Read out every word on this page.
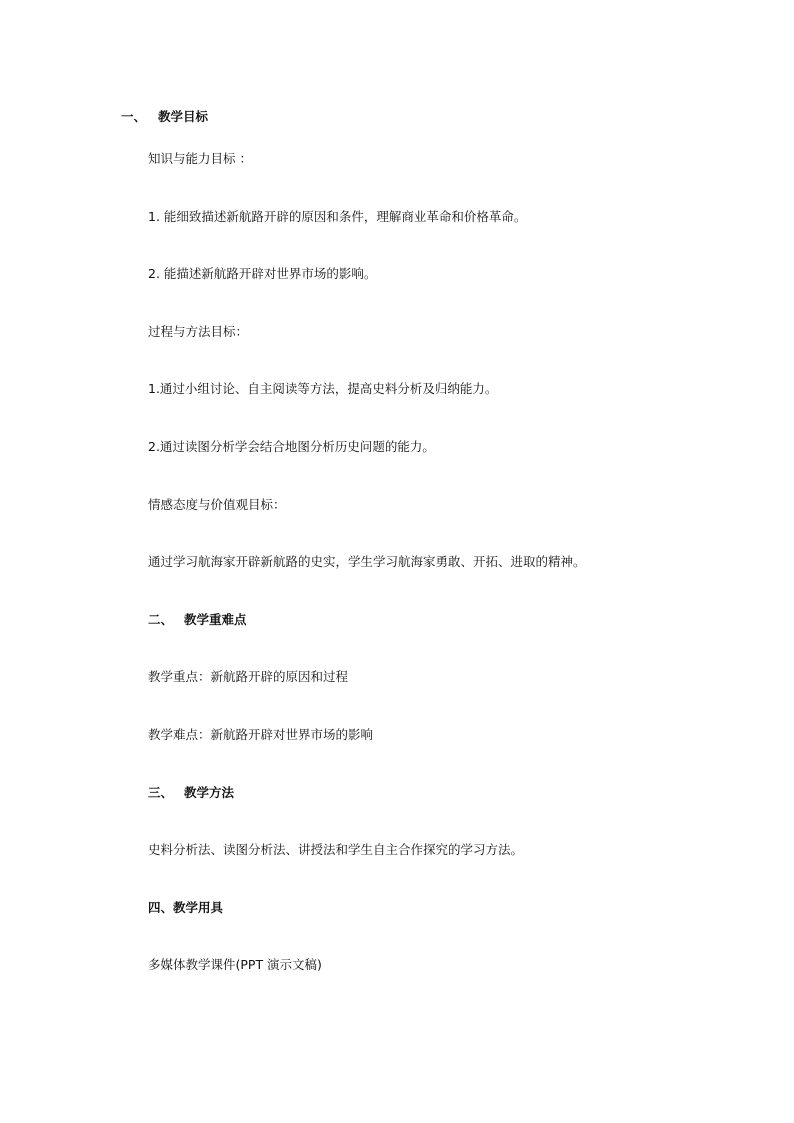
一、 教学目标
知识与能力目标 ：
1. 能细致描述新航路开辟的原因和条件，理解商业革命和价格革命。
2. 能描述新航路开辟对世界市场的影响。
过程与方法目标：
1.通过小组讨论、自主阅读等方法，提高史料分析及归纳能力。
2.通过读图分析学会结合地图分析历史问题的能力。
情感态度与价值观目标：
通过学习航海家开辟新航路的史实，学生学习航海家勇敢、开拓、进取的精神。
二、 教学重难点
教学重点：新航路开辟的原因和过程
教学难点：新航路开辟对世界市场的影响
三、 教学方法
史料分析法、读图分析法、讲授法和学生自主合作探究的学习方法。
四、教学用具
多媒体教学课件(PPT 演示文稿)
